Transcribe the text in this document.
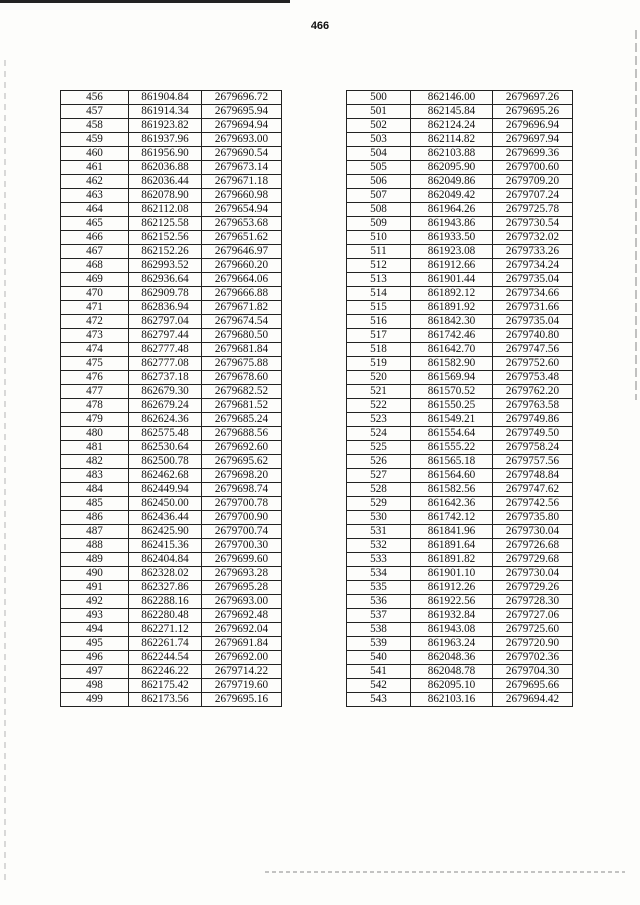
466
456	861904.84	2679696.72
457	861914.34	2679695.94
458	861923.82	2679694.94
459	861937.96	2679693.00
460	861956.90	2679690.54
461	862036.88	2679673.14
462	862036.44	2679671.18
463	862078.90	2679660.98
464	862112.08	2679654.94
465	862125.58	2679653.68
466	862152.56	2679651.62
467	862152.26	2679646.97
468	862993.52	2679660.20
469	862936.64	2679664.06
470	862909.78	2679666.88
471	862836.94	2679671.82
472	862797.04	2679674.54
473	862797.44	2679680.50
474	862777.48	2679681.84
475	862777.08	2679675.88
476	862737.18	2679678.60
477	862679.30	2679682.52
478	862679.24	2679681.52
479	862624.36	2679685.24
480	862575.48	2679688.56
481	862530.64	2679692.60
482	862500.78	2679695.62
483	862462.68	2679698.20
484	862449.94	2679698.74
485	862450.00	2679700.78
486	862436.44	2679700.90
487	862425.90	2679700.74
488	862415.36	2679700.30
489	862404.84	2679699.60
490	862328.02	2679693.28
491	862327.86	2679695.28
492	862288.16	2679693.00
493	862280.48	2679692.48
494	862271.12	2679692.04
495	862261.74	2679691.84
496	862244.54	2679692.00
497	862246.22	2679714.22
498	862175.42	2679719.60
499	862173.56	2679695.16
500	862146.00	2679697.26
501	862145.84	2679695.26
502	862124.24	2679696.94
503	862114.82	2679697.94
504	862103.88	2679699.36
505	862095.90	2679700.60
506	862049.86	2679709.20
507	862049.42	2679707.24
508	861964.26	2679725.78
509	861943.86	2679730.54
510	861933.50	2679732.02
511	861923.08	2679733.26
512	861912.66	2679734.24
513	861901.44	2679735.04
514	861892.12	2679734.66
515	861891.92	2679731.66
516	861842.30	2679735.04
517	861742.46	2679740.80
518	861642.70	2679747.56
519	861582.90	2679752.60
520	861569.94	2679753.48
521	861570.52	2679762.20
522	861550.25	2679763.58
523	861549.21	2679749.86
524	861554.64	2679749.50
525	861555.22	2679758.24
526	861565.18	2679757.56
527	861564.60	2679748.84
528	861582.56	2679747.62
529	861642.36	2679742.56
530	861742.12	2679735.80
531	861841.96	2679730.04
532	861891.64	2679726.68
533	861891.82	2679729.68
534	861901.10	2679730.04
535	861912.26	2679729.26
536	861922.56	2679728.30
537	861932.84	2679727.06
538	861943.08	2679725.60
539	861963.24	2679720.90
540	862048.36	2679702.36
541	862048.78	2679704.30
542	862095.10	2679695.66
543	862103.16	2679694.42
